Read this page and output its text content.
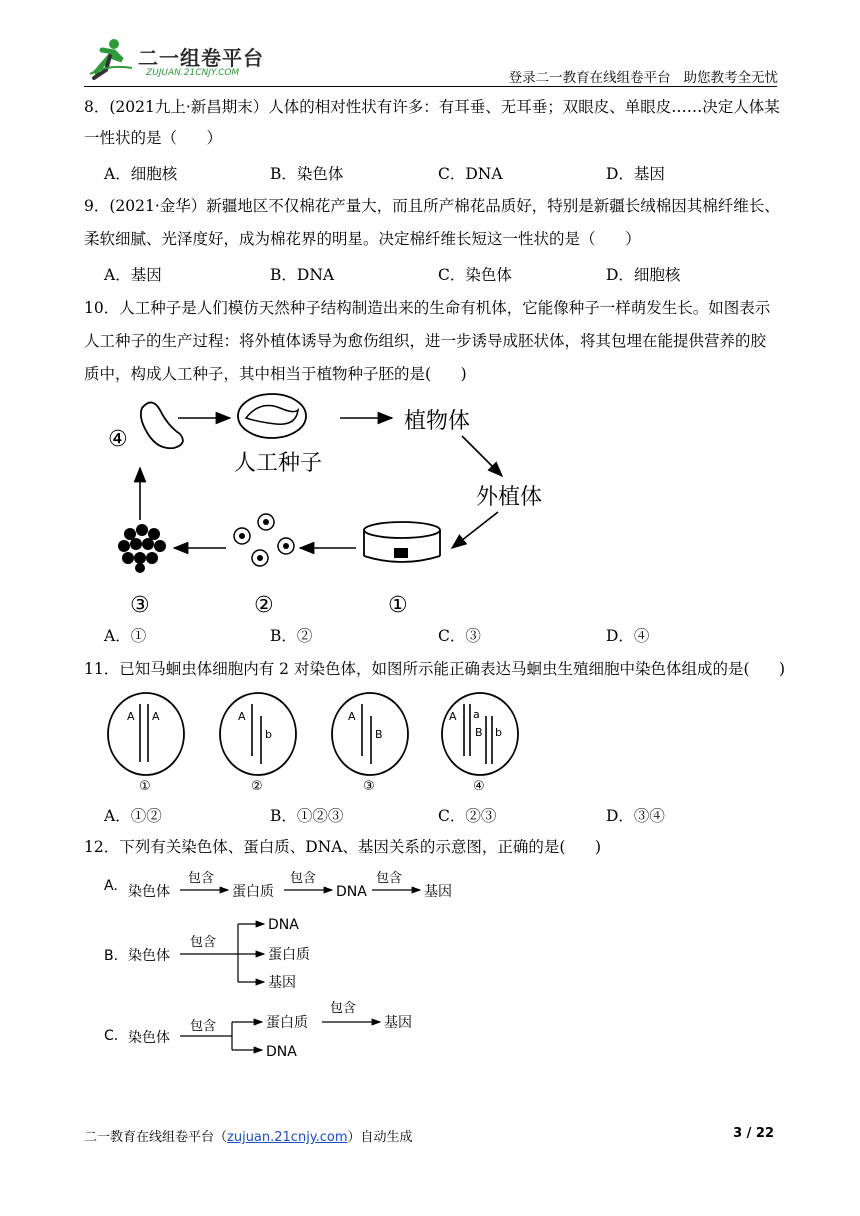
二一组卷平台
ZUJUAN.21CNJY.COM	登录二一教育在线组卷平台   助您教考全无忧
8．(2021九上·新昌期末）人体的相对性状有许多：有耳垂、无耳垂；双眼皮、单眼皮……决定人体某
一性状的是（      ）
A．细胞核	B．染色体	C．DNA	D．基因
9．(2021·金华）新疆地区不仅棉花产量大，而且所产棉花品质好，特别是新疆长绒棉因其棉纤维长、
柔软细腻、光泽度好，成为棉花界的明星。决定棉纤维长短这一性状的是（      ）
A．基因	B．DNA	C．染色体	D．细胞核
10．人工种子是人们模仿天然种子结构制造出来的生命有机体，它能像种子一样萌发生长。如图表示
人工种子的生产过程：将外植体诱导为愈伤组织，进一步诱导成胚状体，将其包埋在能提供营养的胶
质中，构成人工种子，其中相当于植物种子胚的是(      )
④
人工种子
植物体
外植体
①
②
③
A．①	B．②	C．③	D．④
11．已知马蛔虫体细胞内有 2 对染色体，如图所示能正确表达马蛔虫生殖细胞中染色体组成的是(      )
A A
①
A
b
②
A
B
③
A a
B b
④
A．①②	B．①②③	C．②③	D．③④
12．下列有关染色体、蛋白质、DNA、基因关系的示意图，正确的是(      )
A. 染色体
包含
蛋白质
包含
DNA
包含
基因
B. 染色体
包含
DNA
蛋白质
基因
C. 染色体
包含	蛋白质
DNA
包含
基因
二一教育在线组卷平台（zujuan.21cnjy.com）自动生成	3 / 22
